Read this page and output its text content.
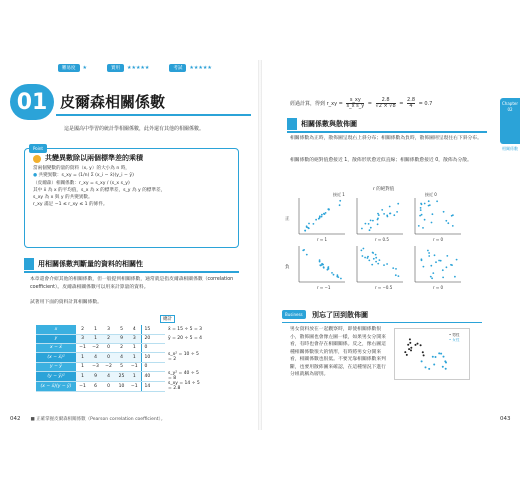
難易度	★	實用	★★★★★	考試	★★★★★
01 皮爾森相關係數
這是國高中學習的統計學相關係數，此外還有其他的相關係數。
Point
共變異數除以兩個標準差的乘積
當兩個變數的量的資料（x, y）的大小為 n 時，
● 共變異數：s_xy = (1/n) Σ (x_i − x̄)(y_i − ȳ)
（皮爾森）相關係數：r_xy = s_xy / (s_x s_y)
其中 x̄ 為 x 的平均值，s_x 為 x 的標準差，s_y 為 y 的標準差，
s_xy 為 x 與 y 的共變異數。
r_xy 滿足 −1 ≤ r_xy ≤ 1 的條件。
用相關係數判斷量的資料的相關性
本章還會介紹其他的相關係數，但一般提到相關係數，通常就是指皮爾森相關係數（correlation coefficient）。皮爾森相關係數可以用來計算量的資料。
試著用下面的資料計算相關係數。
總計
x	2	1	3	5	4	15	x̄ = 15 ÷ 5 = 3
y	3	1	2	9	3	20	ȳ = 20 ÷ 5 = 4
x − x̄	−1	−2	0	2	1	0	
(x − x̄)²	1	4	0	4	1	10	s_x² = 10 ÷ 5 = 2
y − ȳ	1	−3	−2	5	−1	0	
(y − ȳ)²	1	9	4	25	1	40	s_y² = 40 ÷ 5 = 8
(x − x̄)(y − ȳ)	−1	6	0	10	−1	14	s_xy = 14 ÷ 5 = 2.8
042 ■ 正確掌握皮爾森相關係數（Pearson correlation coefficient）。
經過計算，得到 r_xy = $\frac{s\_xy}{\text{s\_x s\_y}} = \frac{2.8}{√2 \times √8} = \frac{2.8}{4} = 0.7$
相關係數與散佈圖
相關係數為正時，散佈圖呈現右上斜分布；相關係數為負時，散佈圖則呈現往右下斜分布。
相關係數的絕對值愈接近 1，散佈形狀愈近似直線；相關係數愈接近 0，散佈為分散。
r 的絕對值
接近 1	接近 0
正
負
r ≈ 1	r ≈ 0.5	r ≈ 0
r ≈ −1	r ≈ −0.5	r ≈ 0
Business	別忘了回到散佈圖
男女資料放在一起觀察時，即使相關係數很小，散佈圖也會像左圖一樣，如果男女分開來看，有時也會存在相關關係。反之，像右圖這種相關係數很大的情形，有時將男女分開來看，相關係數也很低。不要光靠相關係數來判斷，也要用散佈圖來確認，在這種情況下進行分組就稱為層別。
• 男性
• 女性
Chapter 02
相關係數
043
